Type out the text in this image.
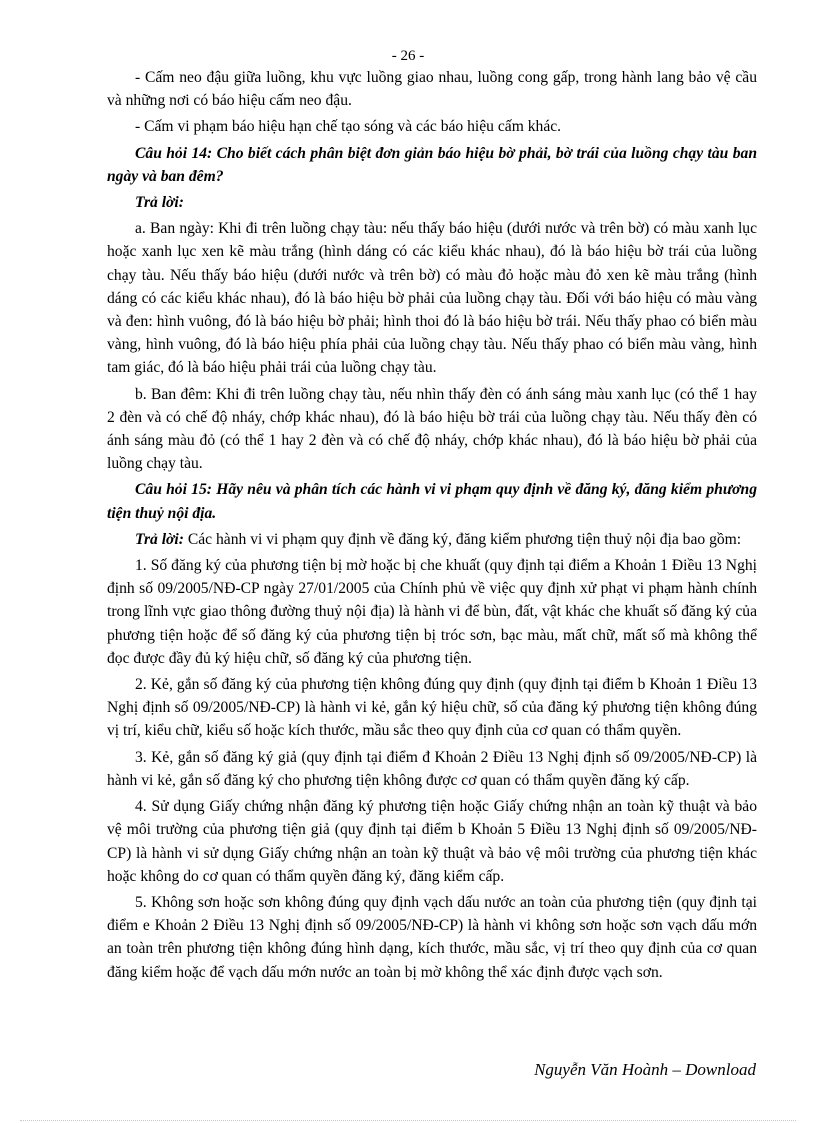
- 26 -

- Cấm neo đậu giữa luồng, khu vực luồng giao nhau, luồng cong gấp, trong hành lang bảo vệ cầu và những nơi có báo hiệu cấm neo đậu.

- Cấm vi phạm báo hiệu hạn chế tạo sóng và các báo hiệu cấm khác.

Câu hỏi 14: Cho biết cách phân biệt đơn giản báo hiệu bờ phải, bờ trái của luồng chạy tàu ban ngày và ban đêm?

Trả lời:

a. Ban ngày: Khi đi trên luồng chạy tàu: nếu thấy báo hiệu (dưới nước và trên bờ) có màu xanh lục hoặc xanh lục xen kẽ màu trắng (hình dáng có các kiểu khác nhau), đó là báo hiệu bờ trái của luồng chạy tàu. Nếu thấy báo hiệu (dưới nước và trên bờ) có màu đỏ hoặc màu đỏ xen kẽ màu trắng (hình dáng có các kiểu khác nhau), đó là báo hiệu bờ phải của luồng chạy tàu. Đối với báo hiệu có màu vàng và đen: hình vuông, đó là báo hiệu bờ phải; hình thoi đó là báo hiệu bờ trái. Nếu thấy phao có biển màu vàng, hình vuông, đó là báo hiệu phía phải của luồng chạy tàu. Nếu thấy phao có biển màu vàng, hình tam giác, đó là báo hiệu phải trái của luồng chạy tàu.

b. Ban đêm: Khi đi trên luồng chạy tàu, nếu nhìn thấy đèn có ánh sáng màu xanh lục (có thể 1 hay 2 đèn và có chế độ nháy, chớp khác nhau), đó là báo hiệu bờ trái của luồng chạy tàu. Nếu thấy đèn có ánh sáng màu đỏ (có thể 1 hay 2 đèn và có chế độ nháy, chớp khác nhau), đó là báo hiệu bờ phải của luồng chạy tàu.

Câu hỏi 15: Hãy nêu và phân tích các hành vi vi phạm quy định về đăng ký, đăng kiểm phương tiện thuỷ nội địa.

Trả lời: Các hành vi vi phạm quy định về đăng ký, đăng kiểm phương tiện thuỷ nội địa bao gồm:

1. Số đăng ký của phương tiện bị mờ hoặc bị che khuất (quy định tại điểm a Khoản 1 Điều 13 Nghị định số 09/2005/NĐ-CP ngày 27/01/2005 của Chính phủ về việc quy định xử phạt vi phạm hành chính trong lĩnh vực giao thông đường thuỷ nội địa) là hành vi để bùn, đất, vật khác che khuất số đăng ký của phương tiện hoặc để số đăng ký của phương tiện bị tróc sơn, bạc màu, mất chữ, mất số mà không thể đọc được đầy đủ ký hiệu chữ, số đăng ký của phương tiện.

2. Kẻ, gắn số đăng ký của phương tiện không đúng quy định (quy định tại điểm b Khoản 1 Điều 13 Nghị định số 09/2005/NĐ-CP) là hành vi kẻ, gắn ký hiệu chữ, số của đăng ký phương tiện không đúng vị trí, kiểu chữ, kiểu số hoặc kích thước, mầu sắc theo quy định của cơ quan có thẩm quyền.

3. Kẻ, gắn số đăng ký giả (quy định tại điểm đ Khoản 2 Điều 13 Nghị định số 09/2005/NĐ-CP) là hành vi kẻ, gắn số đăng ký cho phương tiện không được cơ quan có thẩm quyền đăng ký cấp.

4. Sử dụng Giấy chứng nhận đăng ký phương tiện hoặc Giấy chứng nhận an toàn kỹ thuật và bảo vệ môi trường của phương tiện giả (quy định tại điểm b Khoản 5 Điều 13 Nghị định số 09/2005/NĐ-CP) là hành vi sử dụng Giấy chứng nhận an toàn kỹ thuật và bảo vệ môi trường của phương tiện khác hoặc không do cơ quan có thẩm quyền đăng ký, đăng kiểm cấp.

5. Không sơn hoặc sơn không đúng quy định vạch dấu nước an toàn của phương tiện (quy định tại điểm e Khoản 2 Điều 13 Nghị định số 09/2005/NĐ-CP) là hành vi không sơn hoặc sơn vạch dấu mớn an toàn trên phương tiện không đúng hình dạng, kích thước, mầu sắc, vị trí theo quy định của cơ quan đăng kiểm hoặc để vạch dấu mớn nước an toàn bị mờ không thể xác định được vạch sơn.

Nguyễn Văn Hoành – Download
